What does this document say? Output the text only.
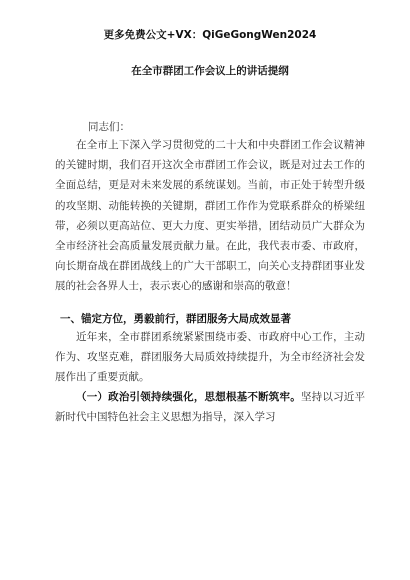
更多免费公文+VX：QiGeGongWen2024
在全市群团工作会议上的讲话提纲
同志们：

在全市上下深入学习贯彻党的二十大和中央群团工作会议精神的关键时期，我们召开这次全市群团工作会议，既是对过去工作的全面总结，更是对未来发展的系统谋划。当前，市正处于转型升级的攻坚期、动能转换的关键期，群团工作作为党联系群众的桥梁纽带，必须以更高站位、更大力度、更实举措，团结动员广大群众为全市经济社会高质量发展贡献力量。在此，我代表市委、市政府，向长期奋战在群团战线上的广大干部职工，向关心支持群团事业发展的社会各界人士，表示衷心的感谢和崇高的敬意！

一、锚定方位，勇毅前行，群团服务大局成效显著

近年来，全市群团系统紧紧围绕市委、市政府中心工作，主动作为、攻坚克难，群团服务大局质效持续提升，为全市经济社会发展作出了重要贡献。

（一）政治引领持续强化，思想根基不断筑牢。坚持以习近平新时代中国特色社会主义思想为指导，深入学习
